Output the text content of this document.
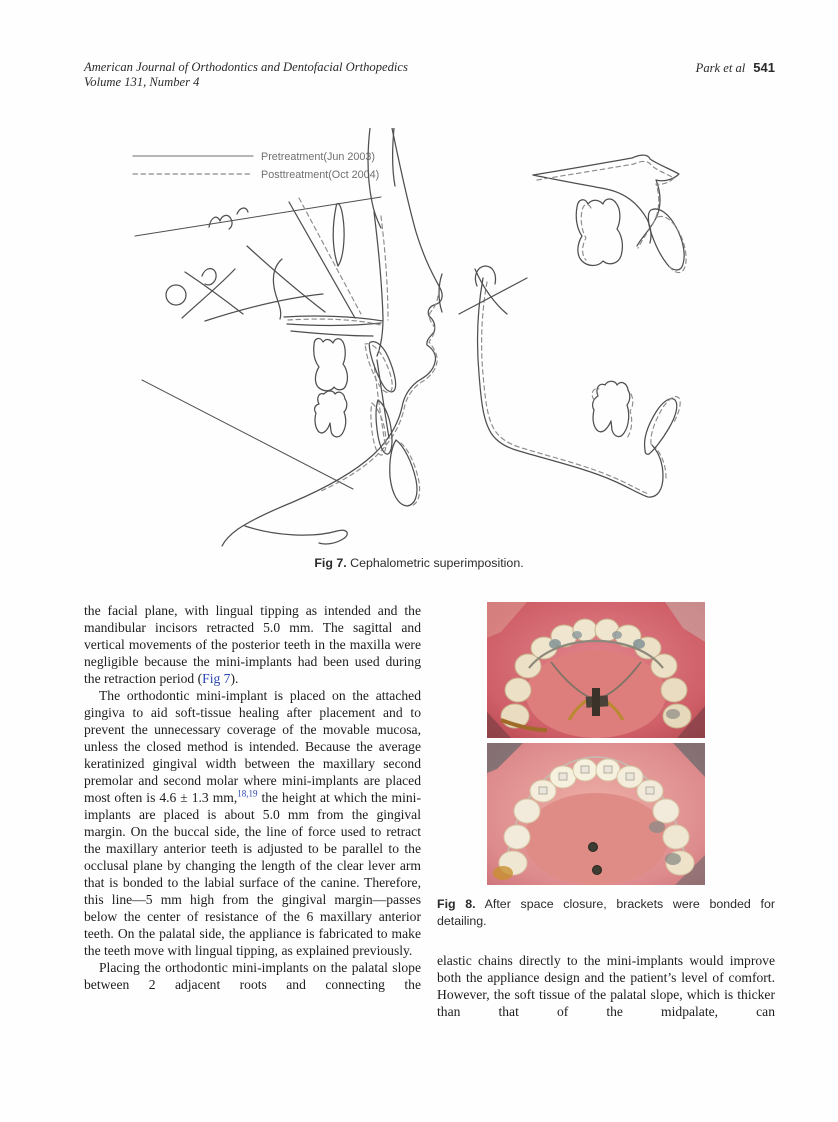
American Journal of Orthodontics and Dentofacial Orthopedics
Volume 131, Number 4
Park et al 541
Pretreatment(Jun 2003)
Posttreatment(Oct 2004)
Fig 7. Cephalometric superimposition.

the facial plane, with lingual tipping as intended and the mandibular incisors retracted 5.0 mm. The sagittal and vertical movements of the posterior teeth in the maxilla were negligible because the mini-implants had been used during the retraction period (Fig 7).

The orthodontic mini-implant is placed on the attached gingiva to aid soft-tissue healing after placement and to prevent the unnecessary coverage of the movable mucosa, unless the closed method is intended. Because the average keratinized gingival width between the maxillary second premolar and second molar where mini-implants are placed most often is 4.6 ± 1.3 mm,$^{18,19}$ the height at which the mini-implants are placed is about 5.0 mm from the gingival margin. On the buccal side, the line of force used to retract the maxillary anterior teeth is adjusted to be parallel to the occlusal plane by changing the length of the clear lever arm that is bonded to the labial surface of the canine. Therefore, this line—5 mm high from the gingival margin—passes below the center of resistance of the 6 maxillary anterior teeth. On the palatal side, the appliance is fabricated to make the teeth move with lingual tipping, as explained previously.

Placing the orthodontic mini-implants on the palatal slope between 2 adjacent roots and connecting the

Fig 8. After space closure, brackets were bonded for detailing.

elastic chains directly to the mini-implants would improve both the appliance design and the patient’s level of comfort. However, the soft tissue of the palatal slope, which is thicker than that of the midpalate, can
